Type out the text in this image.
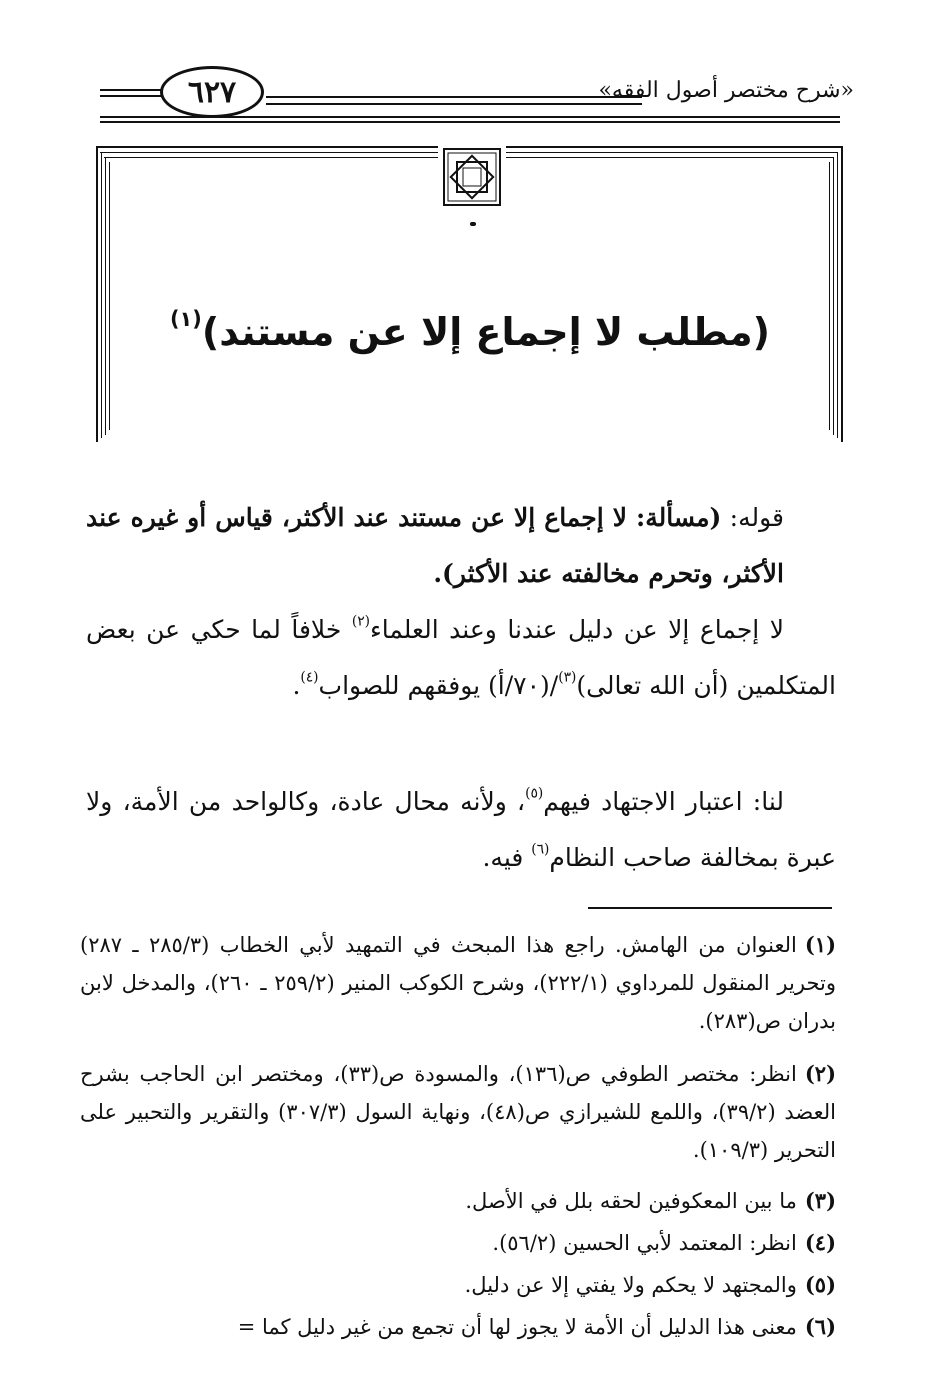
٦٢٧	«شرح مختصر أصول الفقه»
(مطلب لا إجماع إلا عن مستند)$^{(١)}$
قوله: (مسألة: لا إجماع إلا عن مستند عند الأكثر، قياس أو غيره عند الأكثر، وتحرم مخالفته عند الأكثر).
لا إجماع إلا عن دليل عندنا وعند العلماء$^{(٢)}$ خلافاً لما حكي عن بعض المتكلمين (أن الله تعالى)$^{(٣)}$/(٧٠/أ) يوفقهم للصواب$^{(٤)}$.
لنا: اعتبار الاجتهاد فيهم$^{(٥)}$، ولأنه محال عادة، وكالواحد من الأمة، ولا عبرة بمخالفة صاحب النظام$^{(٦)}$ فيه.
(١)العنوان من الهامش. راجع هذا المبحث في التمهيد لأبي الخطاب (٢٨٥/٣ ـ ٢٨٧) وتحرير المنقول للمرداوي (٢٢٢/١)، وشرح الكوكب المنير (٢٥٩/٢ ـ ٢٦٠)، والمدخل لابن بدران ص(٢٨٣).
(٢)انظر: مختصر الطوفي ص(١٣٦)، والمسودة ص(٣٣)، ومختصر ابن الحاجب بشرح العضد (٣٩/٢)، واللمع للشيرازي ص(٤٨)، ونهاية السول (٣٠٧/٣) والتقرير والتحبير على التحرير (١٠٩/٣).
(٣)ما بين المعكوفين لحقه بلل في الأصل.
(٤)انظر: المعتمد لأبي الحسين (٥٦/٢).
(٥)والمجتهد لا يحكم ولا يفتي إلا عن دليل.
(٦)معنى هذا الدليل أن الأمة لا يجوز لها أن تجمع من غير دليل كما =
